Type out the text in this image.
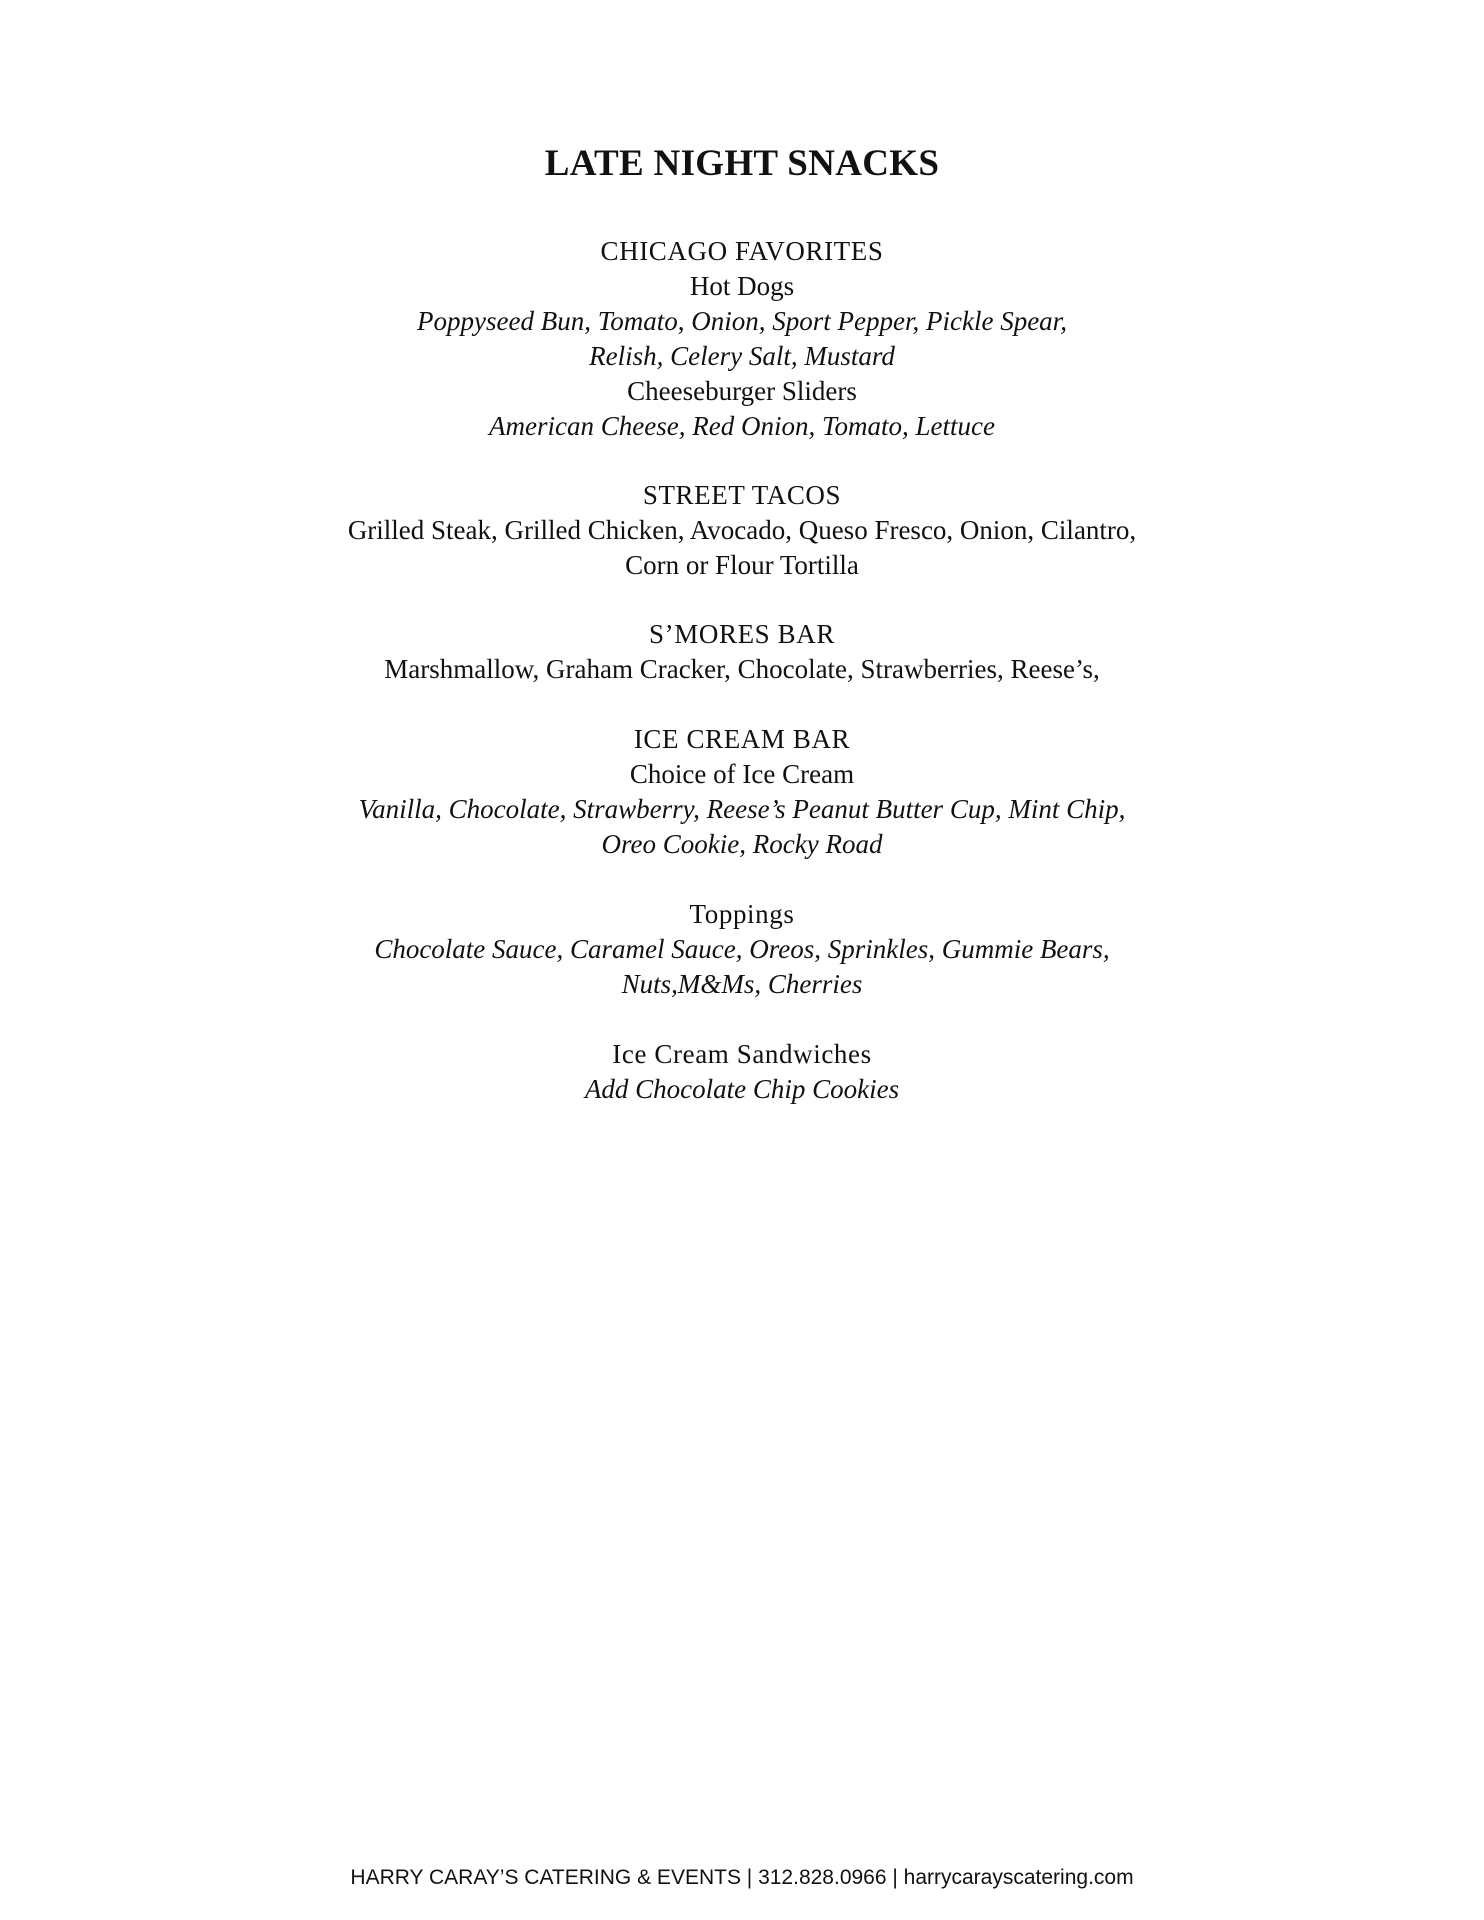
LATE NIGHT SNACKS
CHICAGO FAVORITES
Hot Dogs
Poppyseed Bun, Tomato, Onion, Sport Pepper, Pickle Spear,
Relish, Celery Salt, Mustard
Cheeseburger Sliders
American Cheese, Red Onion, Tomato, Lettuce
STREET TACOS
Grilled Steak, Grilled Chicken, Avocado, Queso Fresco, Onion, Cilantro,
Corn or Flour Tortilla
S’MORES BAR
Marshmallow, Graham Cracker, Chocolate, Strawberries, Reese’s,
ICE CREAM BAR
Choice of Ice Cream
Vanilla, Chocolate, Strawberry, Reese’s Peanut Butter Cup, Mint Chip,
Oreo Cookie, Rocky Road
Toppings
Chocolate Sauce, Caramel Sauce, Oreos, Sprinkles, Gummie Bears,
Nuts,M&Ms, Cherries
Ice Cream Sandwiches
Add Chocolate Chip Cookies
HARRY CARAY’S CATERING & EVENTS | 312.828.0966 | harrycarayscatering.com
